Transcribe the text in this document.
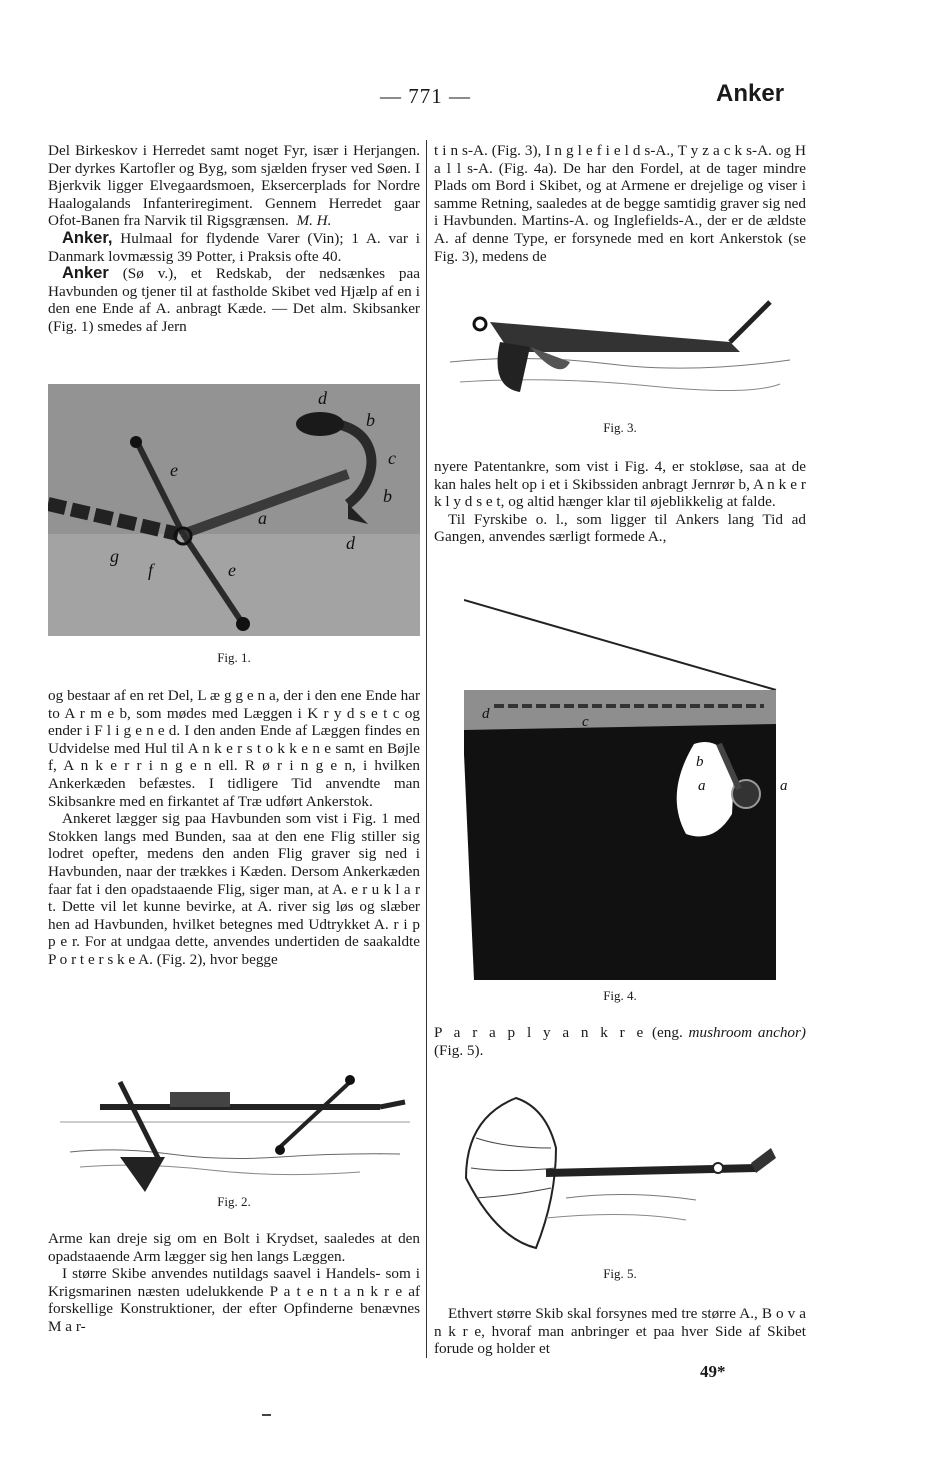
— 771 —	Anker

Del Birkeskov i Herredet samt noget Fyr, især i Herjangen. Der dyrkes Kartofler og Byg, som sjælden fryser ved Søen. I Bjerkvik ligger Elvegaardsmoen, Eksercerplads for Nordre Haalogalands Infanteriregiment. Gennem Herredet gaar Ofot-Banen fra Narvik til Rigsgrænsen. M. H.

Anker, Hulmaal for flydende Varer (Vin); 1 A. var i Danmark lovmæssig 39 Potter, i Praksis ofte 40.

Anker (Sø v.), et Redskab, der nedsænkes paa Havbunden og tjener til at fastholde Skibet ved Hjælp af en i den ene Ende af A. anbragt Kæde. — Det alm. Skibsanker (Fig. 1) smedes af Jern

d
b
c
b
a
d
e
e
g
f
Fig. 1.

og bestaar af en ret Del, L æ g g e n a, der i den ene Ende har to A r m e b, som mødes med Læggen i K r y d s e t c og ender i F l i g e n e d. I den anden Ende af Læggen findes en Udvidelse med Hul til A n k e r s t o k k e n e samt en Bøjle f, A n k e r r i n g e n ell. R ø r i n g e n, i hvilken Ankerkæden befæstes. I tidligere Tid anvendte man Skibsankre med en firkantet af Træ udført Ankerstok.

Ankeret lægger sig paa Havbunden som vist i Fig. 1 med Stokken langs med Bunden, saa at den ene Flig stiller sig lodret opefter, medens den anden Flig graver sig ned i Havbunden, naar der trækkes i Kæden. Dersom Ankerkæden faar fat i den opadstaaende Flig, siger man, at A. e r u k l a r t. Dette vil let kunne bevirke, at A. river sig løs og slæber hen ad Havbunden, hvilket betegnes med Udtrykket A. r i p p e r. For at undgaa dette, anvendes undertiden de saakaldte P o r t e r s k e A. (Fig. 2), hvor begge

Fig. 2.

Arme kan dreje sig om en Bolt i Krydset, saaledes at den opadstaaende Arm lægger sig hen langs Læggen.

I større Skibe anvendes nutildags saavel i Handels- som i Krigsmarinen næsten udelukkende P a t e n t a n k r e af forskellige Konstruktioner, der efter Opfinderne benævnes M a r-

t i n s-A. (Fig. 3), I n g l e f i e l d s-A., T y z a c k s-A. og H a l l s-A. (Fig. 4a). De har den Fordel, at de tager mindre Plads om Bord i Skibet, og at Armene er drejelige og viser i samme Retning, saaledes at de begge samtidig graver sig ned i Havbunden. Martins-A. og Inglefields-A., der er de ældste A. af denne Type, er forsynede med en kort Ankerstok (se Fig. 3), medens de

Fig. 3.

nyere Patentankre, som vist i Fig. 4, er stokløse, saa at de kan hales helt op i et i Skibssiden anbragt Jernrør b, A n k e r k l y d s e t, og altid hænger klar til øjeblikkelig at falde.

Til Fyrskibe o. l., som ligger til Ankers lang Tid ad Gangen, anvendes særligt formede A.,

d	c
b
a	a
Fig. 4.

P a r a p l y a n k r e (eng. mushroom anchor) (Fig. 5).

Fig. 5.

Ethvert større Skib skal forsynes med tre større A., B o v a n k r e, hvoraf man anbringer et paa hver Side af Skibet forude og holder et

49*
